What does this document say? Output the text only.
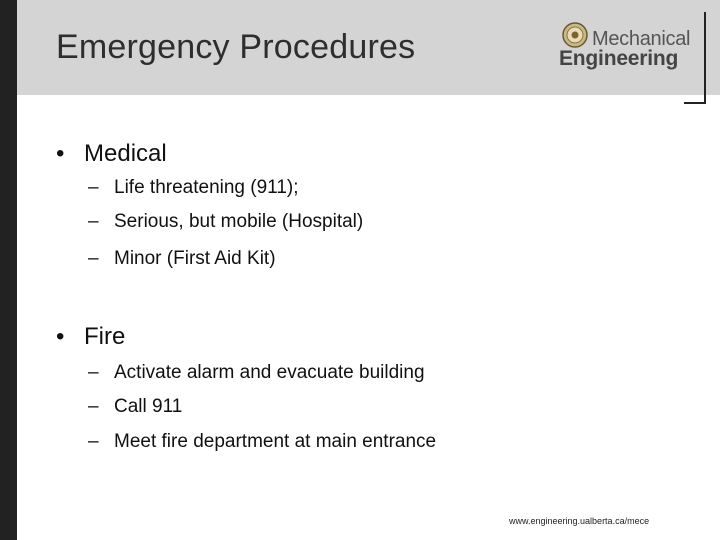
Emergency Procedures	Mechanical
Engineering
• Medical
– Life threatening (911);
– Serious, but mobile (Hospital)
– Minor (First Aid Kit)
• Fire
– Activate alarm and evacuate building
– Call 911
– Meet fire department at main entrance
www.engineering.ualberta.ca/mece
